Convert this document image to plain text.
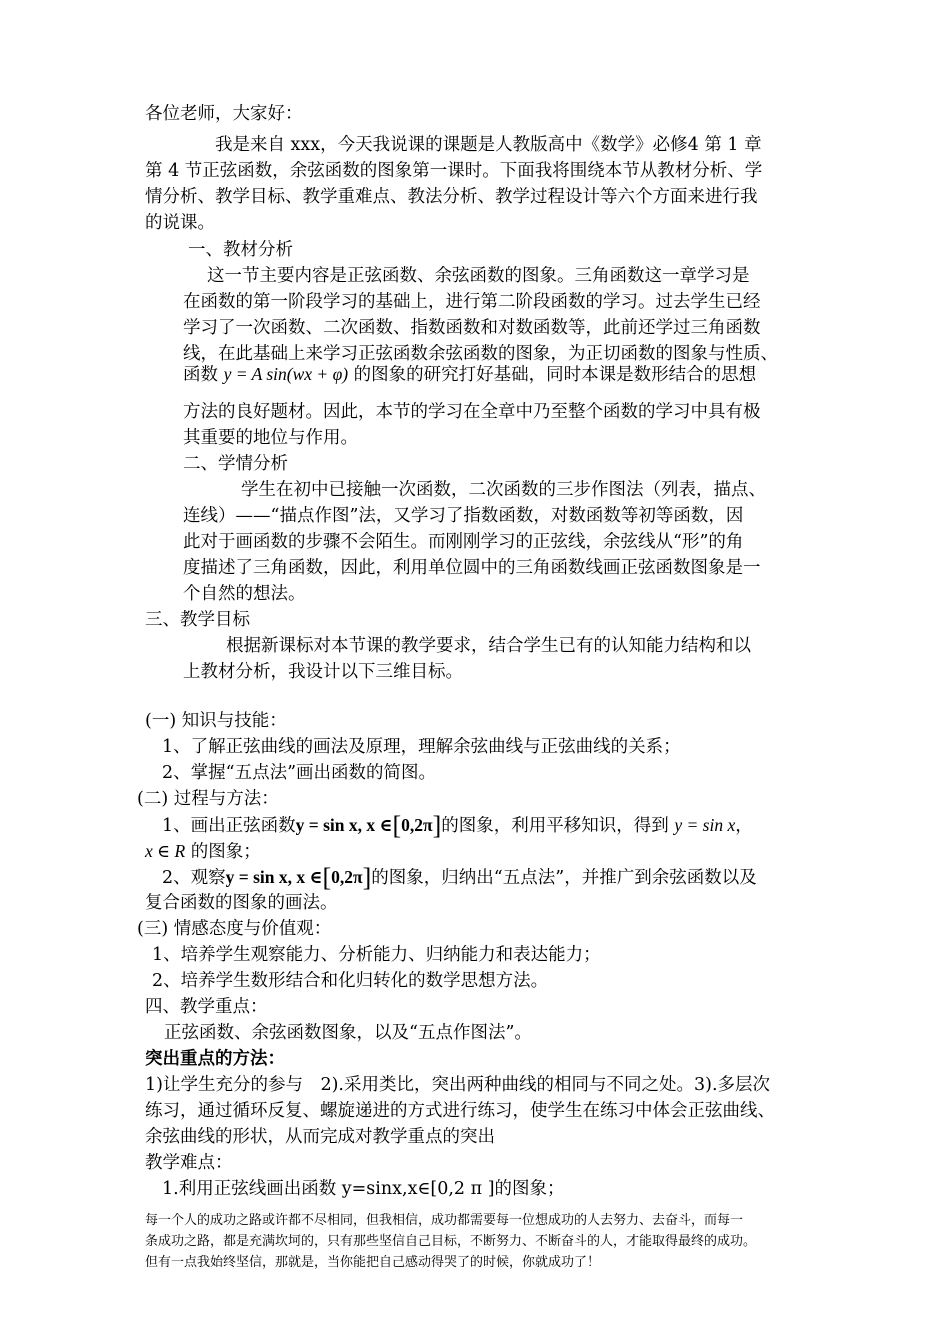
各位老师，大家好：
我是来自 xxx，今天我说课的课题是人教版高中《数学》必修4 第 1 章
第 4 节正弦函数，余弦函数的图象第一课时。下面我将围绕本节从教材分析、学
情分析、教学目标、教学重难点、教法分析、教学过程设计等六个方面来进行我
的说课。
一、教材分析
这一节主要内容是正弦函数、余弦函数的图象。三角函数这一章学习是
在函数的第一阶段学习的基础上，进行第二阶段函数的学习。过去学生已经
学习了一次函数、二次函数、指数函数和对数函数等，此前还学过三角函数
线，在此基础上来学习正弦函数余弦函数的图象，为正切函数的图象与性质、
函数 y = A sin(wx + φ) 的图象的研究打好基础，同时本课是数形结合的思想
方法的良好题材。因此，本节的学习在全章中乃至整个函数的学习中具有极
其重要的地位与作用。
二、学情分析
学生在初中已接触一次函数，二次函数的三步作图法（列表，描点、
连线）——“描点作图”法，又学习了指数函数，对数函数等初等函数，因
此对于画函数的步骤不会陌生。而刚刚学习的正弦线，余弦线从“形”的角
度描述了三角函数，因此，利用单位圆中的三角函数线画正弦函数图象是一
个自然的想法。
三、教学目标
根据新课标对本节课的教学要求，结合学生已有的认知能力结构和以
上教材分析，我设计以下三维目标。
(一) 知识与技能：
1、了解正弦曲线的画法及原理，理解余弦曲线与正弦曲线的关系；
2、掌握“五点法”画出函数的简图。
(二) 过程与方法：
1、画出正弦函数y = sin x, x ∈[0,2π]的图象，利用平移知识，得到 y = sin x，
x ∈ R 的图象；
2、观察y = sin x, x ∈[0,2π]的图象，归纳出“五点法”，并推广到余弦函数以及
复合函数的图象的画法。
(三) 情感态度与价值观：
1、培养学生观察能力、分析能力、归纳能力和表达能力；
2、培养学生数形结合和化归转化的数学思想方法。
四、教学重点：
正弦函数、余弦函数图象，以及“五点作图法”。
突出重点的方法：
1)让学生充分的参与　2).采用类比，突出两种曲线的相同与不同之处。3).多层次
练习，通过循环反复、螺旋递进的方式进行练习，使学生在练习中体会正弦曲线、
余弦曲线的形状，从而完成对教学重点的突出
教学难点：
1.利用正弦线画出函数 y=sinx,x∈[0,2 π ]的图象；
每一个人的成功之路或许都不尽相同，但我相信，成功都需要每一位想成功的人去努力、去奋斗，而每一
条成功之路，都是充满坎坷的，只有那些坚信自己目标，不断努力、不断奋斗的人，才能取得最终的成功。
但有一点我始终坚信，那就是，当你能把自己感动得哭了的时候，你就成功了！
